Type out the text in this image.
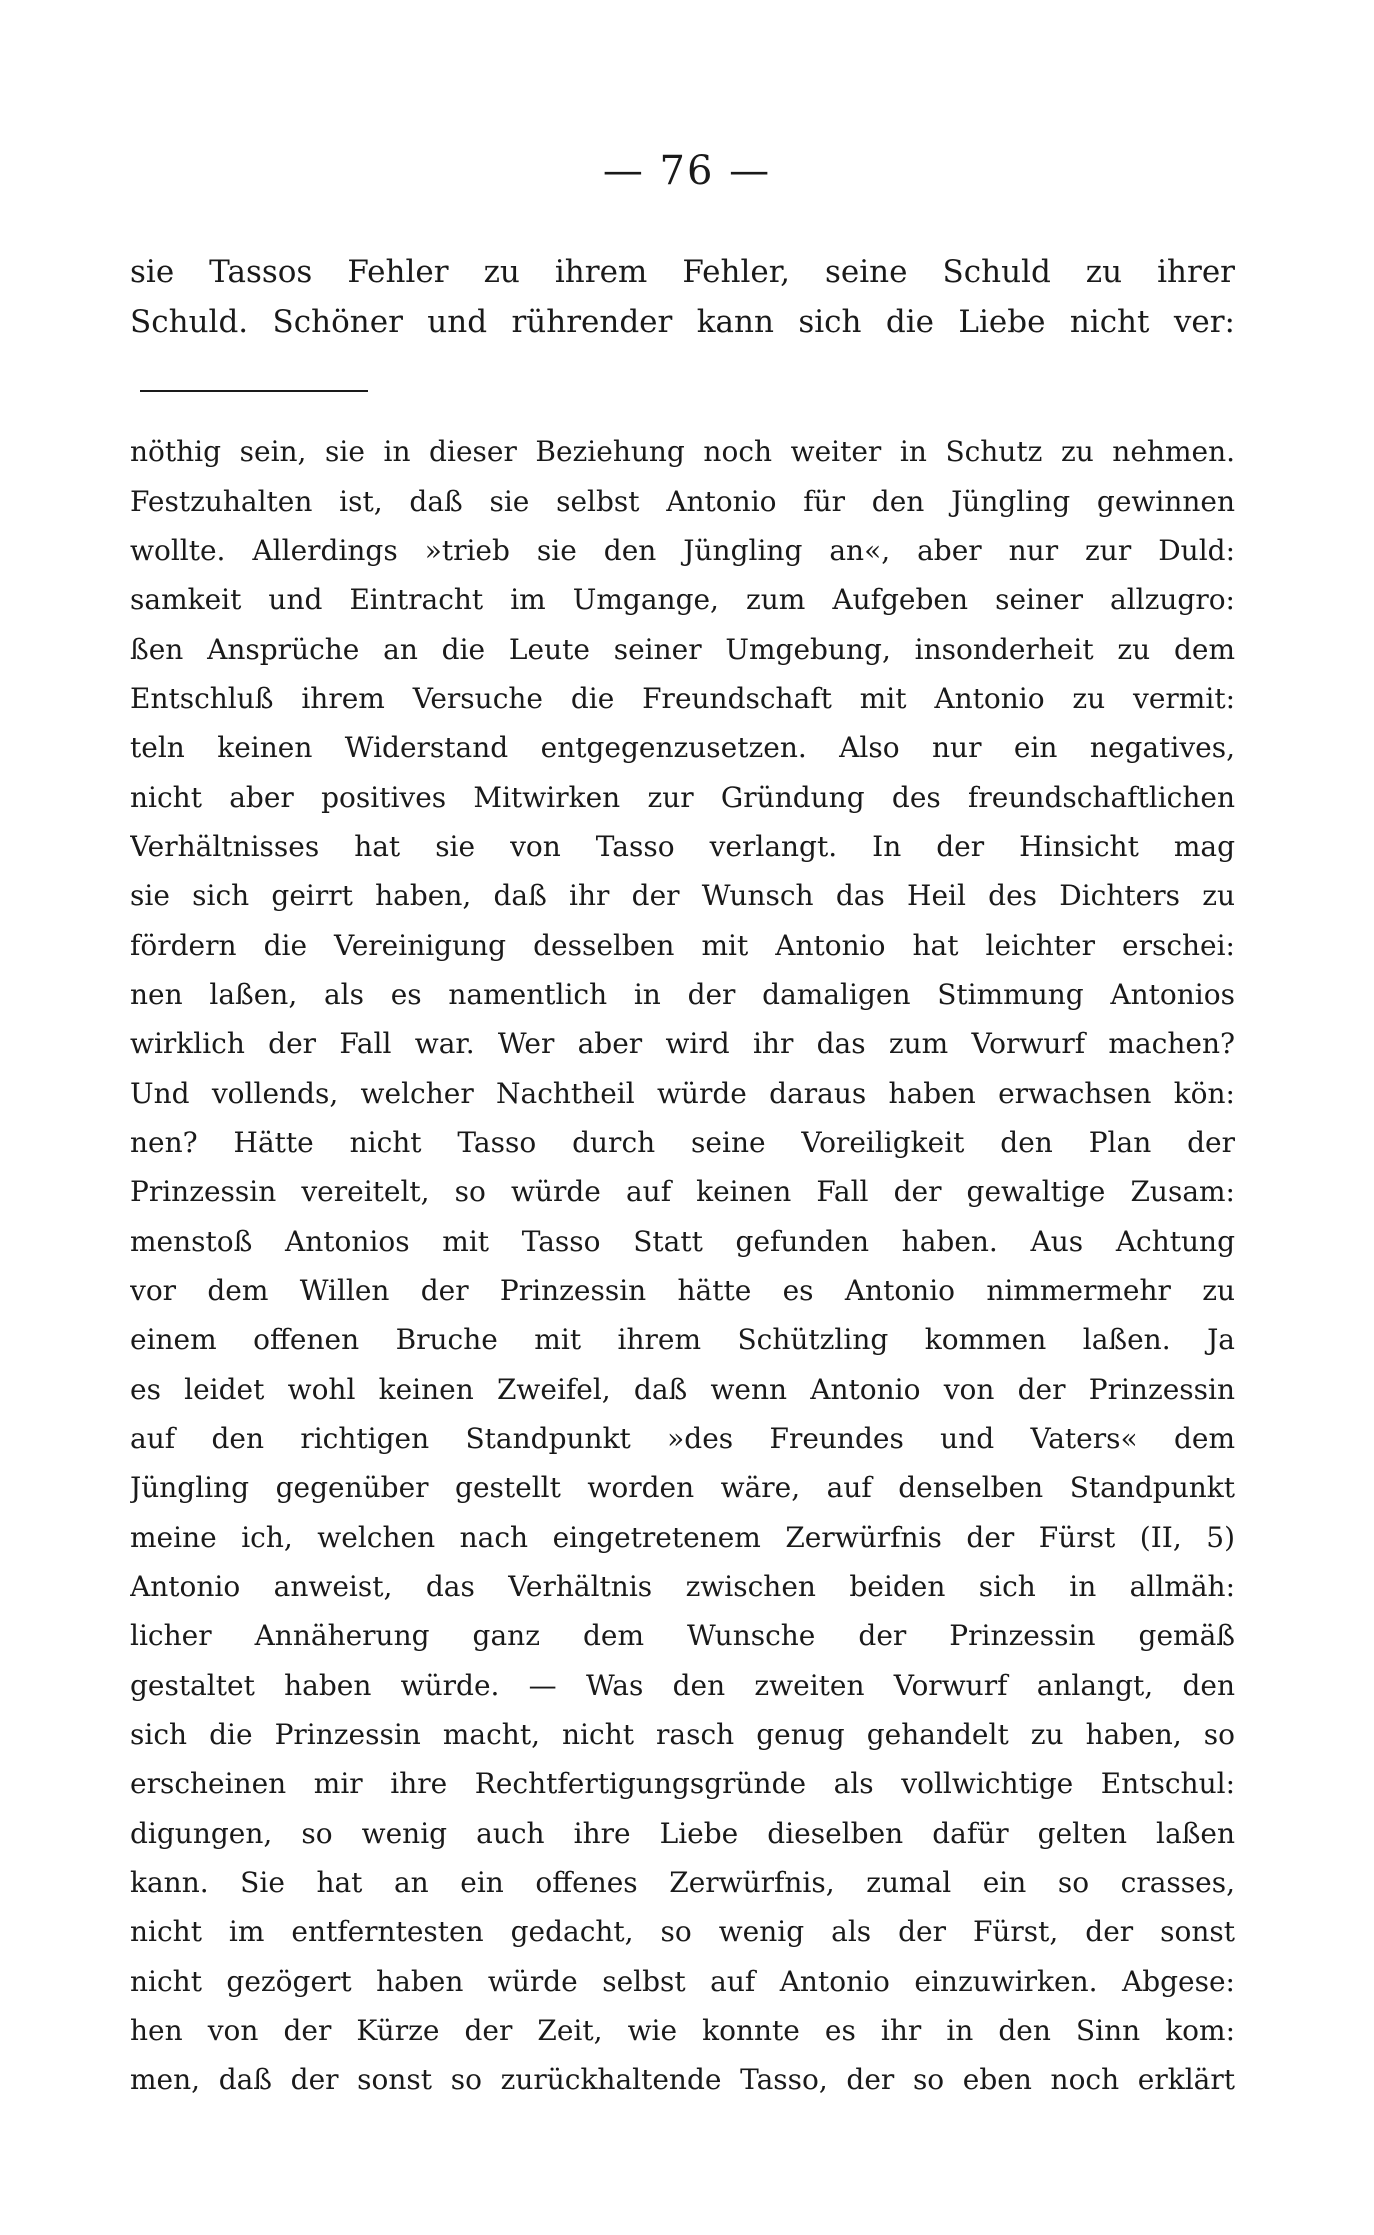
— 76 —
sie Tassos Fehler zu ihrem Fehler, seine Schuld zu ihrer
Schuld. Schöner und rührender kann sich die Liebe nicht ver:
nöthig sein, sie in dieser Beziehung noch weiter in Schutz zu nehmen.
Festzuhalten ist, daß sie selbst Antonio für den Jüngling gewinnen
wollte. Allerdings »trieb sie den Jüngling an«, aber nur zur Duld:
samkeit und Eintracht im Umgange, zum Aufgeben seiner allzugro:
ßen Ansprüche an die Leute seiner Umgebung, insonderheit zu dem
Entschluß ihrem Versuche die Freundschaft mit Antonio zu vermit:
teln keinen Widerstand entgegenzusetzen. Also nur ein negatives,
nicht aber positives Mitwirken zur Gründung des freundschaftlichen
Verhältnisses hat sie von Tasso verlangt. In der Hinsicht mag
sie sich geirrt haben, daß ihr der Wunsch das Heil des Dichters zu
fördern die Vereinigung desselben mit Antonio hat leichter erschei:
nen laßen, als es namentlich in der damaligen Stimmung Antonios
wirklich der Fall war. Wer aber wird ihr das zum Vorwurf machen?
Und vollends, welcher Nachtheil würde daraus haben erwachsen kön:
nen? Hätte nicht Tasso durch seine Voreiligkeit den Plan der
Prinzessin vereitelt, so würde auf keinen Fall der gewaltige Zusam:
menstoß Antonios mit Tasso Statt gefunden haben. Aus Achtung
vor dem Willen der Prinzessin hätte es Antonio nimmermehr zu
einem offenen Bruche mit ihrem Schützling kommen laßen. Ja
es leidet wohl keinen Zweifel, daß wenn Antonio von der Prinzessin
auf den richtigen Standpunkt »des Freundes und Vaters« dem
Jüngling gegenüber gestellt worden wäre, auf denselben Standpunkt
meine ich, welchen nach eingetretenem Zerwürfnis der Fürst (II, 5)
Antonio anweist, das Verhältnis zwischen beiden sich in allmäh:
licher Annäherung ganz dem Wunsche der Prinzessin gemäß
gestaltet haben würde. — Was den zweiten Vorwurf anlangt, den
sich die Prinzessin macht, nicht rasch genug gehandelt zu haben, so
erscheinen mir ihre Rechtfertigungsgründe als vollwichtige Entschul:
digungen, so wenig auch ihre Liebe dieselben dafür gelten laßen
kann. Sie hat an ein offenes Zerwürfnis, zumal ein so crasses,
nicht im entferntesten gedacht, so wenig als der Fürst, der sonst
nicht gezögert haben würde selbst auf Antonio einzuwirken. Abgese:
hen von der Kürze der Zeit, wie konnte es ihr in den Sinn kom:
men, daß der sonst so zurückhaltende Tasso, der so eben noch erklärt
